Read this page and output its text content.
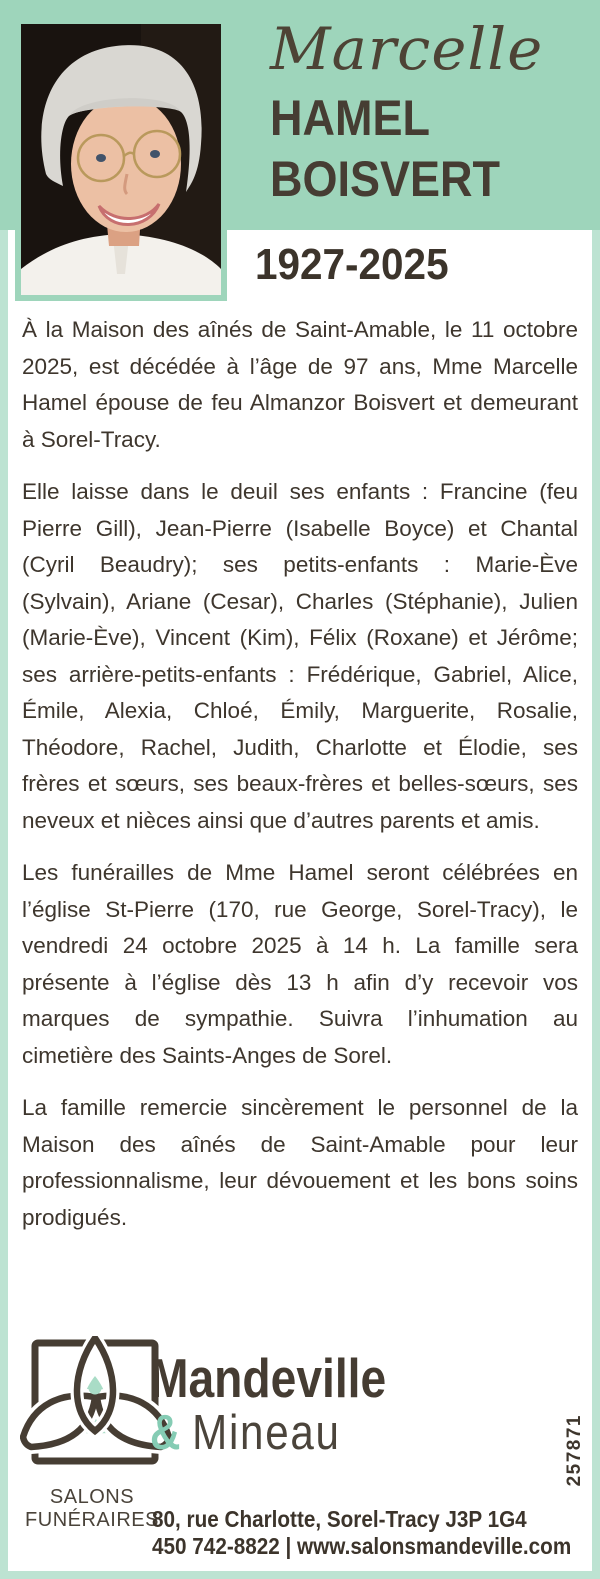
Marcelle
HAMEL
BOISVERT
1927-2025

À la Maison des aînés de Saint-Amable, le 11 octobre 2025, est décédée à l’âge de 97 ans, Mme Marcelle Hamel épouse de feu Almanzor Boisvert et demeurant à Sorel-Tracy.

Elle laisse dans le deuil ses enfants : Francine (feu Pierre Gill), Jean-Pierre (Isabelle Boyce) et Chantal (Cyril Beaudry); ses petits-enfants : Marie-Ève (Sylvain), Ariane (Cesar), Charles (Stéphanie), Julien (Marie-Ève), Vincent (Kim), Félix (Roxane) et Jérôme; ses arrière-petits-enfants : Frédérique, Gabriel, Alice, Émile, Alexia, Chloé, Émily, Marguerite, Rosalie, Théodore, Rachel, Judith, Charlotte et Élodie, ses frères et sœurs, ses beaux-frères et belles-sœurs, ses neveux et nièces ainsi que d’autres parents et amis.

Les funérailles de Mme Hamel seront célébrées en l’église St-Pierre (170, rue George, Sorel-Tracy), le vendredi 24 octobre 2025 à 14 h. La famille sera présente à l’église dès 13 h afin d’y recevoir vos marques de sympathie. Suivra l’inhumation au cimetière des Saints-Anges de Sorel.

La famille remercie sincèrement le personnel de la Maison des aînés de Saint-Amable pour leur professionnalisme, leur dévouement et les bons soins prodigués.

SALONS
FUNÉRAIRES
Mandeville
& Mineau
80, rue Charlotte, Sorel-Tracy J3P 1G4
450 742-8822 | www.salonsmandeville.com
257871
